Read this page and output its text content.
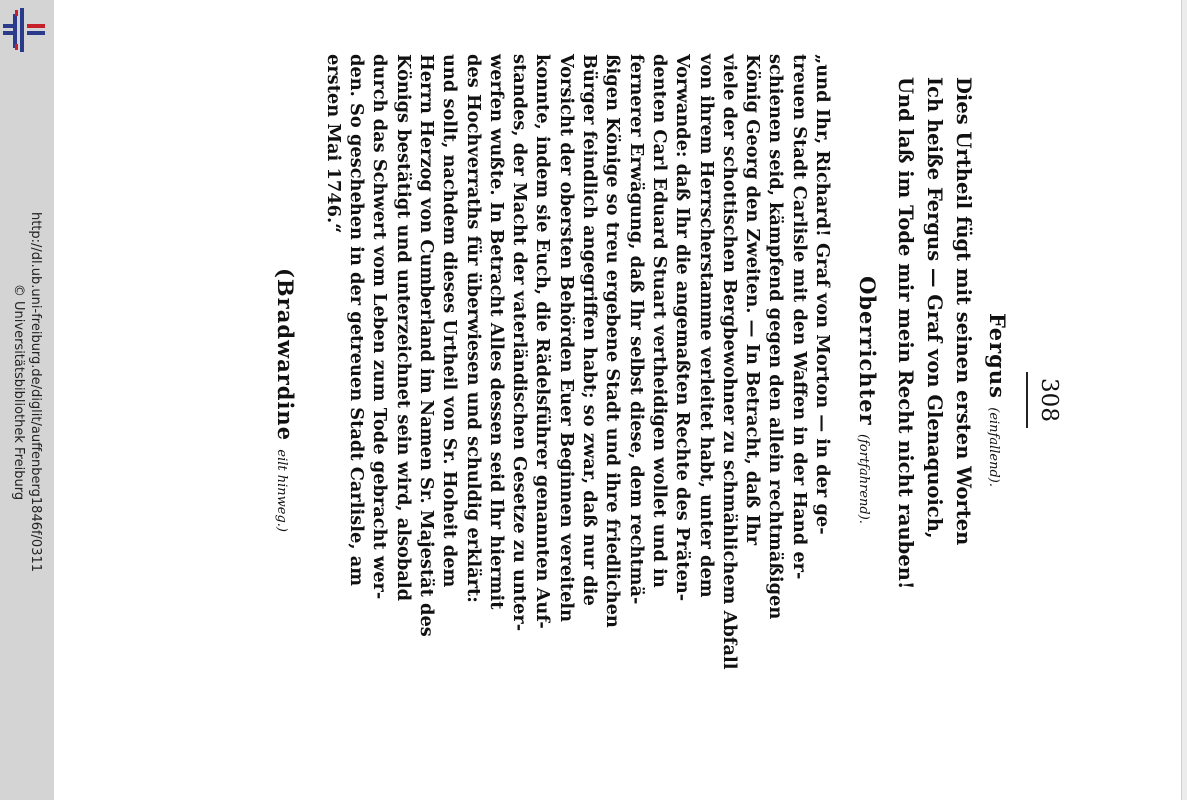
http://dl.ub.uni-freiburg.de/diglit/auffenberg1846f/0311
© Universitätsbibliothek Freiburg	308
Fergus (einfallend).
Dies Urtheil fügt mit seinen ersten Worten
Ich heiße Fergus — Graf von Glenaquoich,
Und laß im Tode mir mein Recht nicht rauben!
Oberrichter (fortfahrend).
„und Ihr, Richard! Graf von Morton — in der ge-
treuen Stadt Carlisle mit den Waffen in der Hand er-
schienen seid, kämpfend gegen den allein rechtmäßigen
König Georg den Zweiten. — In Betracht, daß Ihr
viele der schottischen Bergbewohner zu schmählichem Abfall
von ihrem Herrscherstamme verleitet habt, unter dem
Vorwande: daß Ihr die angemaßten Rechte des Präten-
denten Carl Eduard Stuart vertheidigen wollet und in
fernerer Erwägung, daß Ihr selbst diese, dem rechtmä-
ßigen Könige so treu ergebene Stadt und ihre friedlichen
Bürger feindlich angegriffen habt; so zwar, daß nur die
Vorsicht der obersten Behörden Euer Beginnen vereiteln
konnte, indem sie Euch, die Rädelsführer genannten Auf-
standes, der Macht der vaterländischen Gesetze zu unter-
werfen wußte. In Betracht Alles dessen seid Ihr hiermit
des Hochverraths für überwiesen und schuldig erklärt:
und sollt, nachdem dieses Urtheil von Sr. Hoheit dem
Herrn Herzog von Cumberland im Namen Sr. Majestät des
Königs bestätigt und unterzeichnet sein wird, alsobald
durch das Schwert vom Leben zum Tode gebracht wer-
den. So geschehen in der getreuen Stadt Carlisle, am
ersten Mai 1746.“
(Bradwardine eilt hinweg.)
